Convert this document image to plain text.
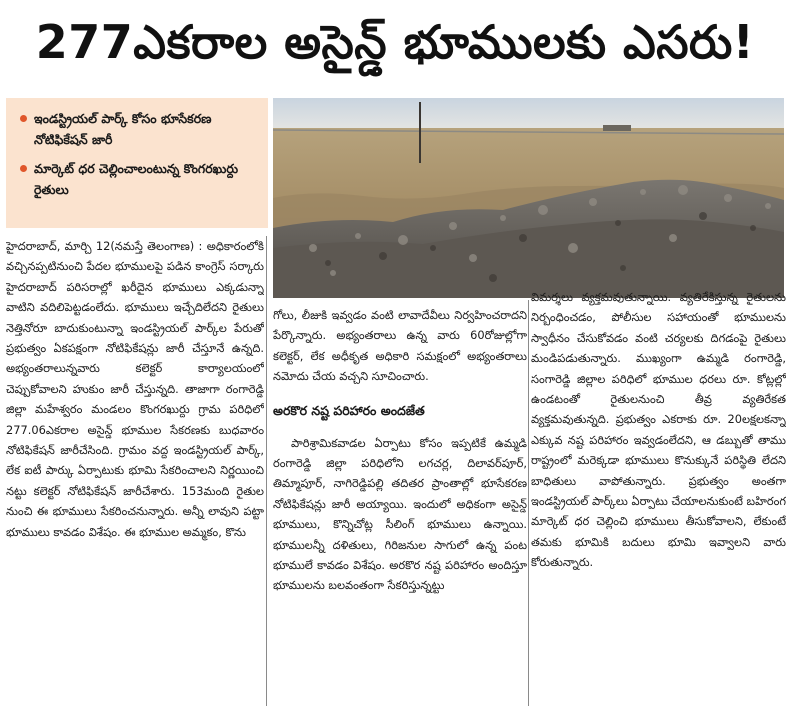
277ఎకరాల అసైన్డ్ భూములకు ఎసరు!
ఇండస్ట్రియల్ పార్క్ కోసం భూసేకరణ నోటిఫికేషన్ జారీ
మార్కెట్ ధర చెల్లించాలంటున్న కొంగరఖుర్దు రైతులు

హైదరాబాద్, మార్చి 12(నమస్తే తెలంగాణ) : అధికారంలోకి వచ్చినప్పటినుంచి పేదల భూములపై పడిన కాంగ్రెస్ సర్కారు హైదరాబాద్ పరిసరాల్లో ఖరీదైన భూములు ఎక్కడున్నా వాటిని వదిలిపెట్టడంలేదు. భూములు ఇచ్చేదిలేదని రైతులు నెత్తినోరూ బాదుకుంటున్నా ఇండస్ట్రియల్ పార్క్‌ల పేరుతో ప్రభుత్వం ఏకపక్షంగా నోటిఫికేషన్లు జారీ చేస్తూనే ఉన్నది. అభ్యంతరాలున్నవారు కలెక్టర్ కార్యాలయంలో చెప్పుకోవాలని హుకుం జారీ చేస్తున్నది. తాజాగా రంగారెడ్డి జిల్లా మహేశ్వరం మండలం కొంగరఖుర్దు గ్రామ పరిధిలో 277.06ఎకరాల అసైన్డ్ భూముల సేకరణకు బుధవారం నోటిఫికేషన్ జారీచేసింది. గ్రామం వద్ద ఇండస్ట్రియల్ పార్క్, లేక ఐటీ పార్కు ఏర్పాటుకు భూమి సేకరించాలని నిర్ణయించి నట్టు కలెక్టర్ నోటిఫికేషన్ జారీచేశారు. 153మంది రైతుల నుంచి ఈ భూములు సేకరించనున్నారు. అన్నీ లావుని పట్టా భూములు కావడం విశేషం. ఈ భూముల అమ్మకం, కొను

గోలు, లీజుకి ఇవ్వడం వంటి లావాదేవీలు నిర్వహించరాదని పేర్కొన్నారు. అభ్యంతరాలు ఉన్న వారు 60రోజుల్లోగా కలెక్టర్, లేక అధీకృత అధికారి సమక్షంలో అభ్యంతరాలు నమోదు చేయ వచ్చని సూచించారు.

అరకొర నష్ట పరిహారం అందజేత

పారిశ్రామికవాడల ఏర్పాటు కోసం ఇప్పటికే ఉమ్మడి రంగారెడ్డి జిల్లా పరిధిలోని లగచర్ల, దిలావర్‌పూర్, తిమ్మాపూర్, నాగిరెడ్డిపల్లి తదితర ప్రాంతాల్లో భూసేకరణ నోటిఫికేషన్లు జారీ అయ్యాయి. ఇందులో అధికంగా అసైన్డ్ భూములు, కొన్నిచోట్ల సీలింగ్ భూములు ఉన్నాయి. భూములన్నీ దళితులు, గిరిజనుల సాగులో ఉన్న పంట భూములే కావడం విశేషం. అరకొర నష్ట పరిహారం అందిస్తూ భూములను బలవంతంగా సేకరిస్తున్నట్టు

విమర్శలు వ్యక్తమవుతున్నాయి. వ్యతిరేకిస్తున్న రైతులను నిర్బంధించడం, పోలీసుల సహాయంతో భూములను స్వాధీనం చేసుకోవడం వంటి చర్యలకు దిగడంపై రైతులు మండిపడుతున్నారు. ముఖ్యంగా ఉమ్మడి రంగారెడ్డి, సంగారెడ్డి జిల్లాల పరిధిలో భూముల ధరలు రూ. కోట్లల్లో ఉండటంతో రైతులనుంచి తీవ్ర వ్యతిరేకత వ్యక్తమవుతున్నది. ప్రభుత్వం ఎకరాకు రూ. 20లక్షలకన్నా ఎక్కువ నష్ట పరిహారం ఇవ్వడంలేదని, ఆ డబ్బుతో తాము రాష్ట్రంలో మరెక్కడా భూములు కొనుక్కునే పరిస్థితి లేదని బాధితులు వాపోతున్నారు. ప్రభుత్వం అంతగా ఇండస్ట్రియల్ పార్క్‌లు ఏర్పాటు చేయాలనుకుంటే బహిరంగ మార్కెట్ ధర చెల్లించి భూములు తీసుకోవాలని, లేకుంటే తమకు భూమికి బదులు భూమి ఇవ్వాలని వారు కోరుతున్నారు.
